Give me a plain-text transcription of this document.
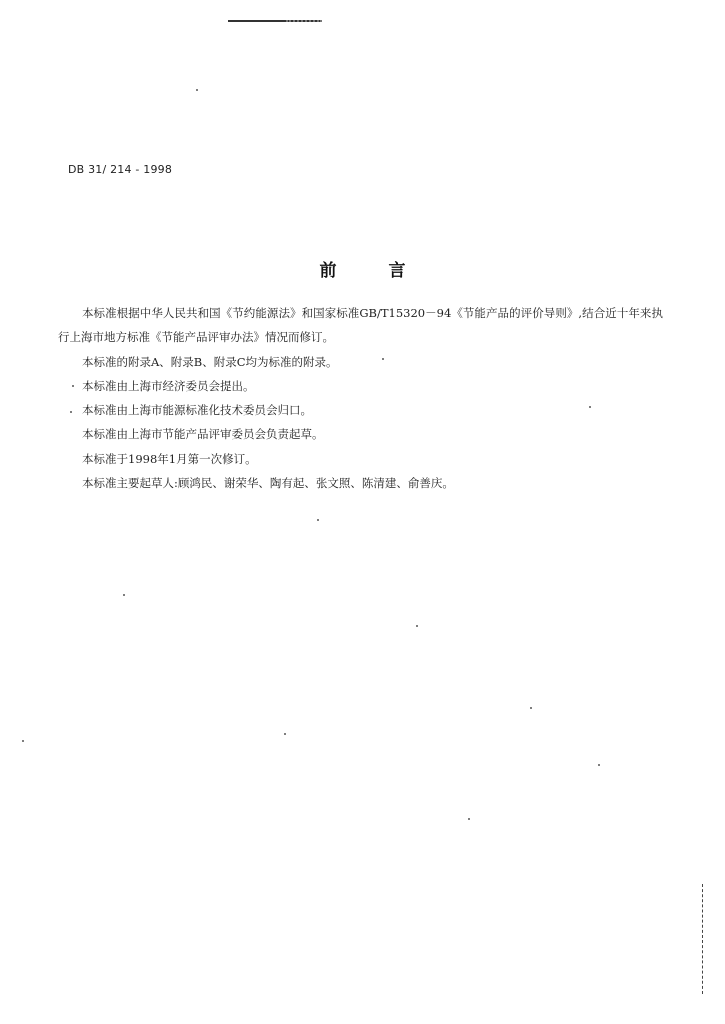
DB 31/ 214 - 1998
前	言

本标准根据中华人民共和国《节约能源法》和国家标准GB/T15320－94《节能产品的评价导则》,结合近十年来执行上海市地方标准《节能产品评审办法》情况而修订。

本标准的附录A、附录B、附录C均为标准的附录。

本标准由上海市经济委员会提出。

本标准由上海市能源标准化技术委员会归口。

本标准由上海市节能产品评审委员会负责起草。

本标准于1998年1月第一次修订。

本标准主要起草人:顾鸿民、谢荣华、陶有起、张文照、陈清建、俞善庆。
